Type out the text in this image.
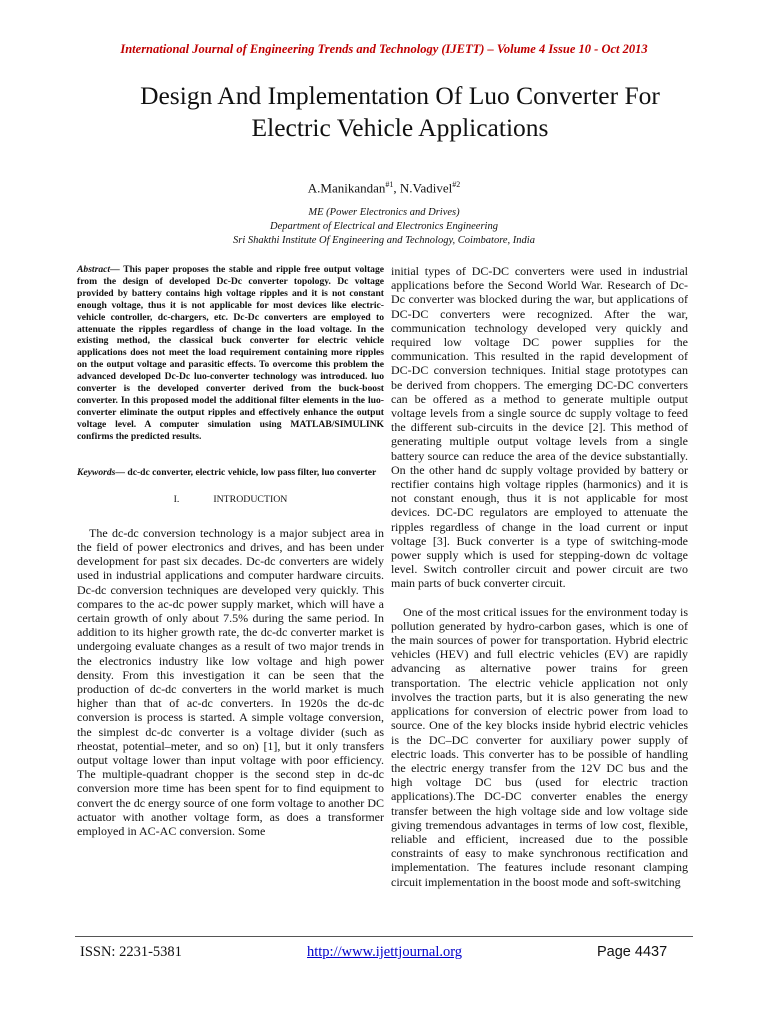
International Journal of Engineering Trends and Technology (IJETT) – Volume 4 Issue 10 - Oct 2013
Design And Implementation Of Luo Converter For Electric Vehicle Applications
A.Manikandan$^{\#1}$, N.Vadivel$^{\#2}$
ME (Power Electronics and Drives)
Department of Electrical and Electronics Engineering
Sri Shakthi Institute Of Engineering and Technology, Coimbatore, India

Abstract— This paper proposes the stable and ripple free output voltage from the design of developed Dc-Dc converter topology. Dc voltage provided by battery contains high voltage ripples and it is not constant enough voltage, thus it is not applicable for most devices like electric-vehicle controller, dc-chargers, etc. Dc-Dc converters are employed to attenuate the ripples regardless of change in the load voltage. In the existing method, the classical buck converter for electric vehicle applications does not meet the load requirement containing more ripples on the output voltage and parasitic effects. To overcome this problem the advanced developed Dc-Dc luo-converter technology was introduced. luo converter is the developed converter derived from the buck-boost converter. In this proposed model the additional filter elements in the luo-converter eliminate the output ripples and effectively enhance the output voltage level. A computer simulation using MATLAB/SIMULINK confirms the predicted results.

Keywords— dc-dc converter, electric vehicle, low pass filter, luo converter

I.	INTRODUCTION

The dc-dc conversion technology is a major subject area in the field of power electronics and drives, and has been under development for past six decades. Dc-dc converters are widely used in industrial applications and computer hardware circuits. Dc-dc conversion techniques are developed very quickly. This compares to the ac-dc power supply market, which will have a certain growth of only about 7.5% during the same period. In addition to its higher growth rate, the dc-dc converter market is undergoing evaluate changes as a result of two major trends in the electronics industry like low voltage and high power density. From this investigation it can be seen that the production of dc-dc converters in the world market is much higher than that of ac-dc converters. In 1920s the dc-dc conversion is process is started. A simple voltage conversion, the simplest dc-dc converter is a voltage divider (such as rheostat, potential–meter, and so on) [1], but it only transfers output voltage lower than input voltage with poor efficiency. The multiple-quadrant chopper is the second step in dc-dc conversion more time has been spent for to find equipment to convert the dc energy source of one form voltage to another DC actuator with another voltage form, as does a transformer employed in AC-AC conversion. Some

initial types of DC-DC converters were used in industrial applications before the Second World War. Research of Dc-Dc converter was blocked during the war, but applications of DC-DC converters were recognized. After the war, communication technology developed very quickly and required low voltage DC power supplies for the communication. This resulted in the rapid development of DC-DC conversion techniques. Initial stage prototypes can be derived from choppers. The emerging DC-DC converters can be offered as a method to generate multiple output voltage levels from a single source dc supply voltage to feed the different sub-circuits in the device [2]. This method of generating multiple output voltage levels from a single battery source can reduce the area of the device substantially. On the other hand dc supply voltage provided by battery or rectifier contains high voltage ripples (harmonics) and it is not constant enough, thus it is not applicable for most devices. DC-DC regulators are employed to attenuate the ripples regardless of change in the load current or input voltage [3]. Buck converter is a type of switching-mode power supply which is used for stepping-down dc voltage level. Switch controller circuit and power circuit are two main parts of buck converter circuit.

One of the most critical issues for the environment today is pollution generated by hydro-carbon gases, which is one of the main sources of power for transportation. Hybrid electric vehicles (HEV) and full electric vehicles (EV) are rapidly advancing as alternative power trains for green transportation. The electric vehicle application not only involves the traction parts, but it is also generating the new applications for conversion of electric power from load to source. One of the key blocks inside hybrid electric vehicles is the DC–DC converter for auxiliary power supply of electric loads. This converter has to be possible of handling the electric energy transfer from the 12V DC bus and the high voltage DC bus (used for electric traction applications).The DC-DC converter enables the energy transfer between the high voltage side and low voltage side giving tremendous advantages in terms of low cost, flexible, reliable and efficient, increased due to the possible constraints of easy to make synchronous rectification and implementation. The features include resonant clamping circuit implementation in the boost mode and soft-switching

ISSN: 2231-5381	http://www.ijettjournal.org	Page 4437
